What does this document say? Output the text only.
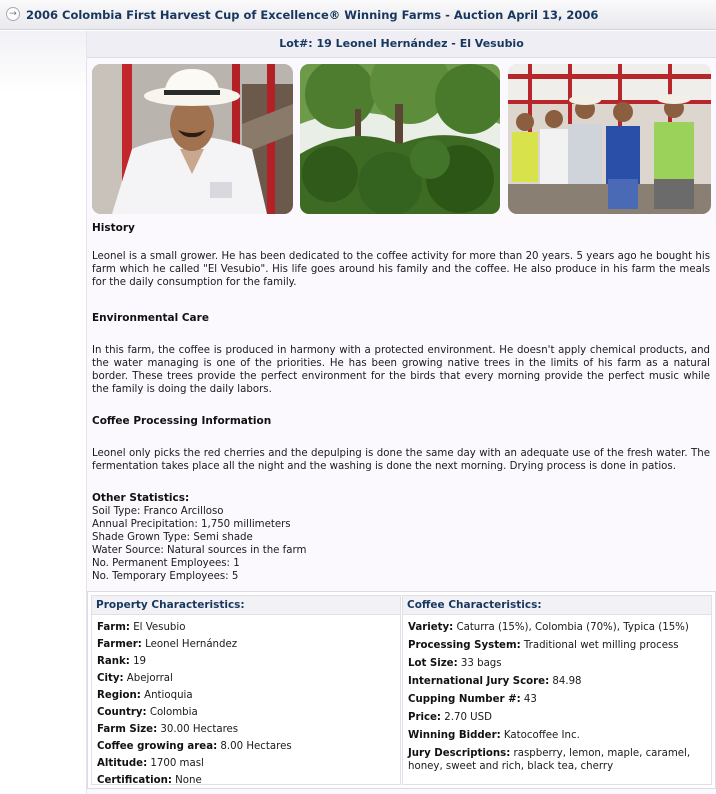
→ 2006 Colombia First Harvest Cup of Excellence® Winning Farms - Auction April 13, 2006
Lot#: 19 Leonel Hernández - El Vesubio
History
Leonel is a small grower. He has been dedicated to the coffee activity for more than 20 years. 5 years ago he bought his farm which he called "El Vesubio". His life goes around his family and the coffee. He also produce in his farm the meals for the daily consumption for the family.
Environmental Care
In this farm, the coffee is produced in harmony with a protected environment. He doesn't apply chemical products, and the water managing is one of the priorities. He has been growing native trees in the limits of his farm as a natural border. These trees provide the perfect environment for the birds that every morning provide the perfect music while the family is doing the daily labors.
Coffee Processing Information
Leonel only picks the red cherries and the depulping is done the same day with an adequate use of the fresh water. The fermentation takes place all the night and the washing is done the next morning. Drying process is done in patios.
Other Statistics:
Soil Type: Franco Arcilloso
Annual Precipitation: 1,750 millimeters
Shade Grown Type: Semi shade
Water Source: Natural sources in the farm
No. Permanent Employees: 1
No. Temporary Employees: 5
Property Characteristics:
Farm: El Vesubio
Farmer: Leonel Hernández
Rank: 19
City: Abejorral
Region: Antioquia
Country: Colombia
Farm Size: 30.00 Hectares
Coffee growing area: 8.00 Hectares
Altitude: 1700 masl
Certification: None
Coffee Characteristics:
Variety: Caturra (15%), Colombia (70%), Typica (15%)
Processing System: Traditional wet milling process
Lot Size: 33 bags
International Jury Score: 84.98
Cupping Number #: 43
Price: 2.70 USD
Winning Bidder: Katocoffee Inc.
Jury Descriptions: raspberry, lemon, maple, caramel,
honey, sweet and rich, black tea, cherry
